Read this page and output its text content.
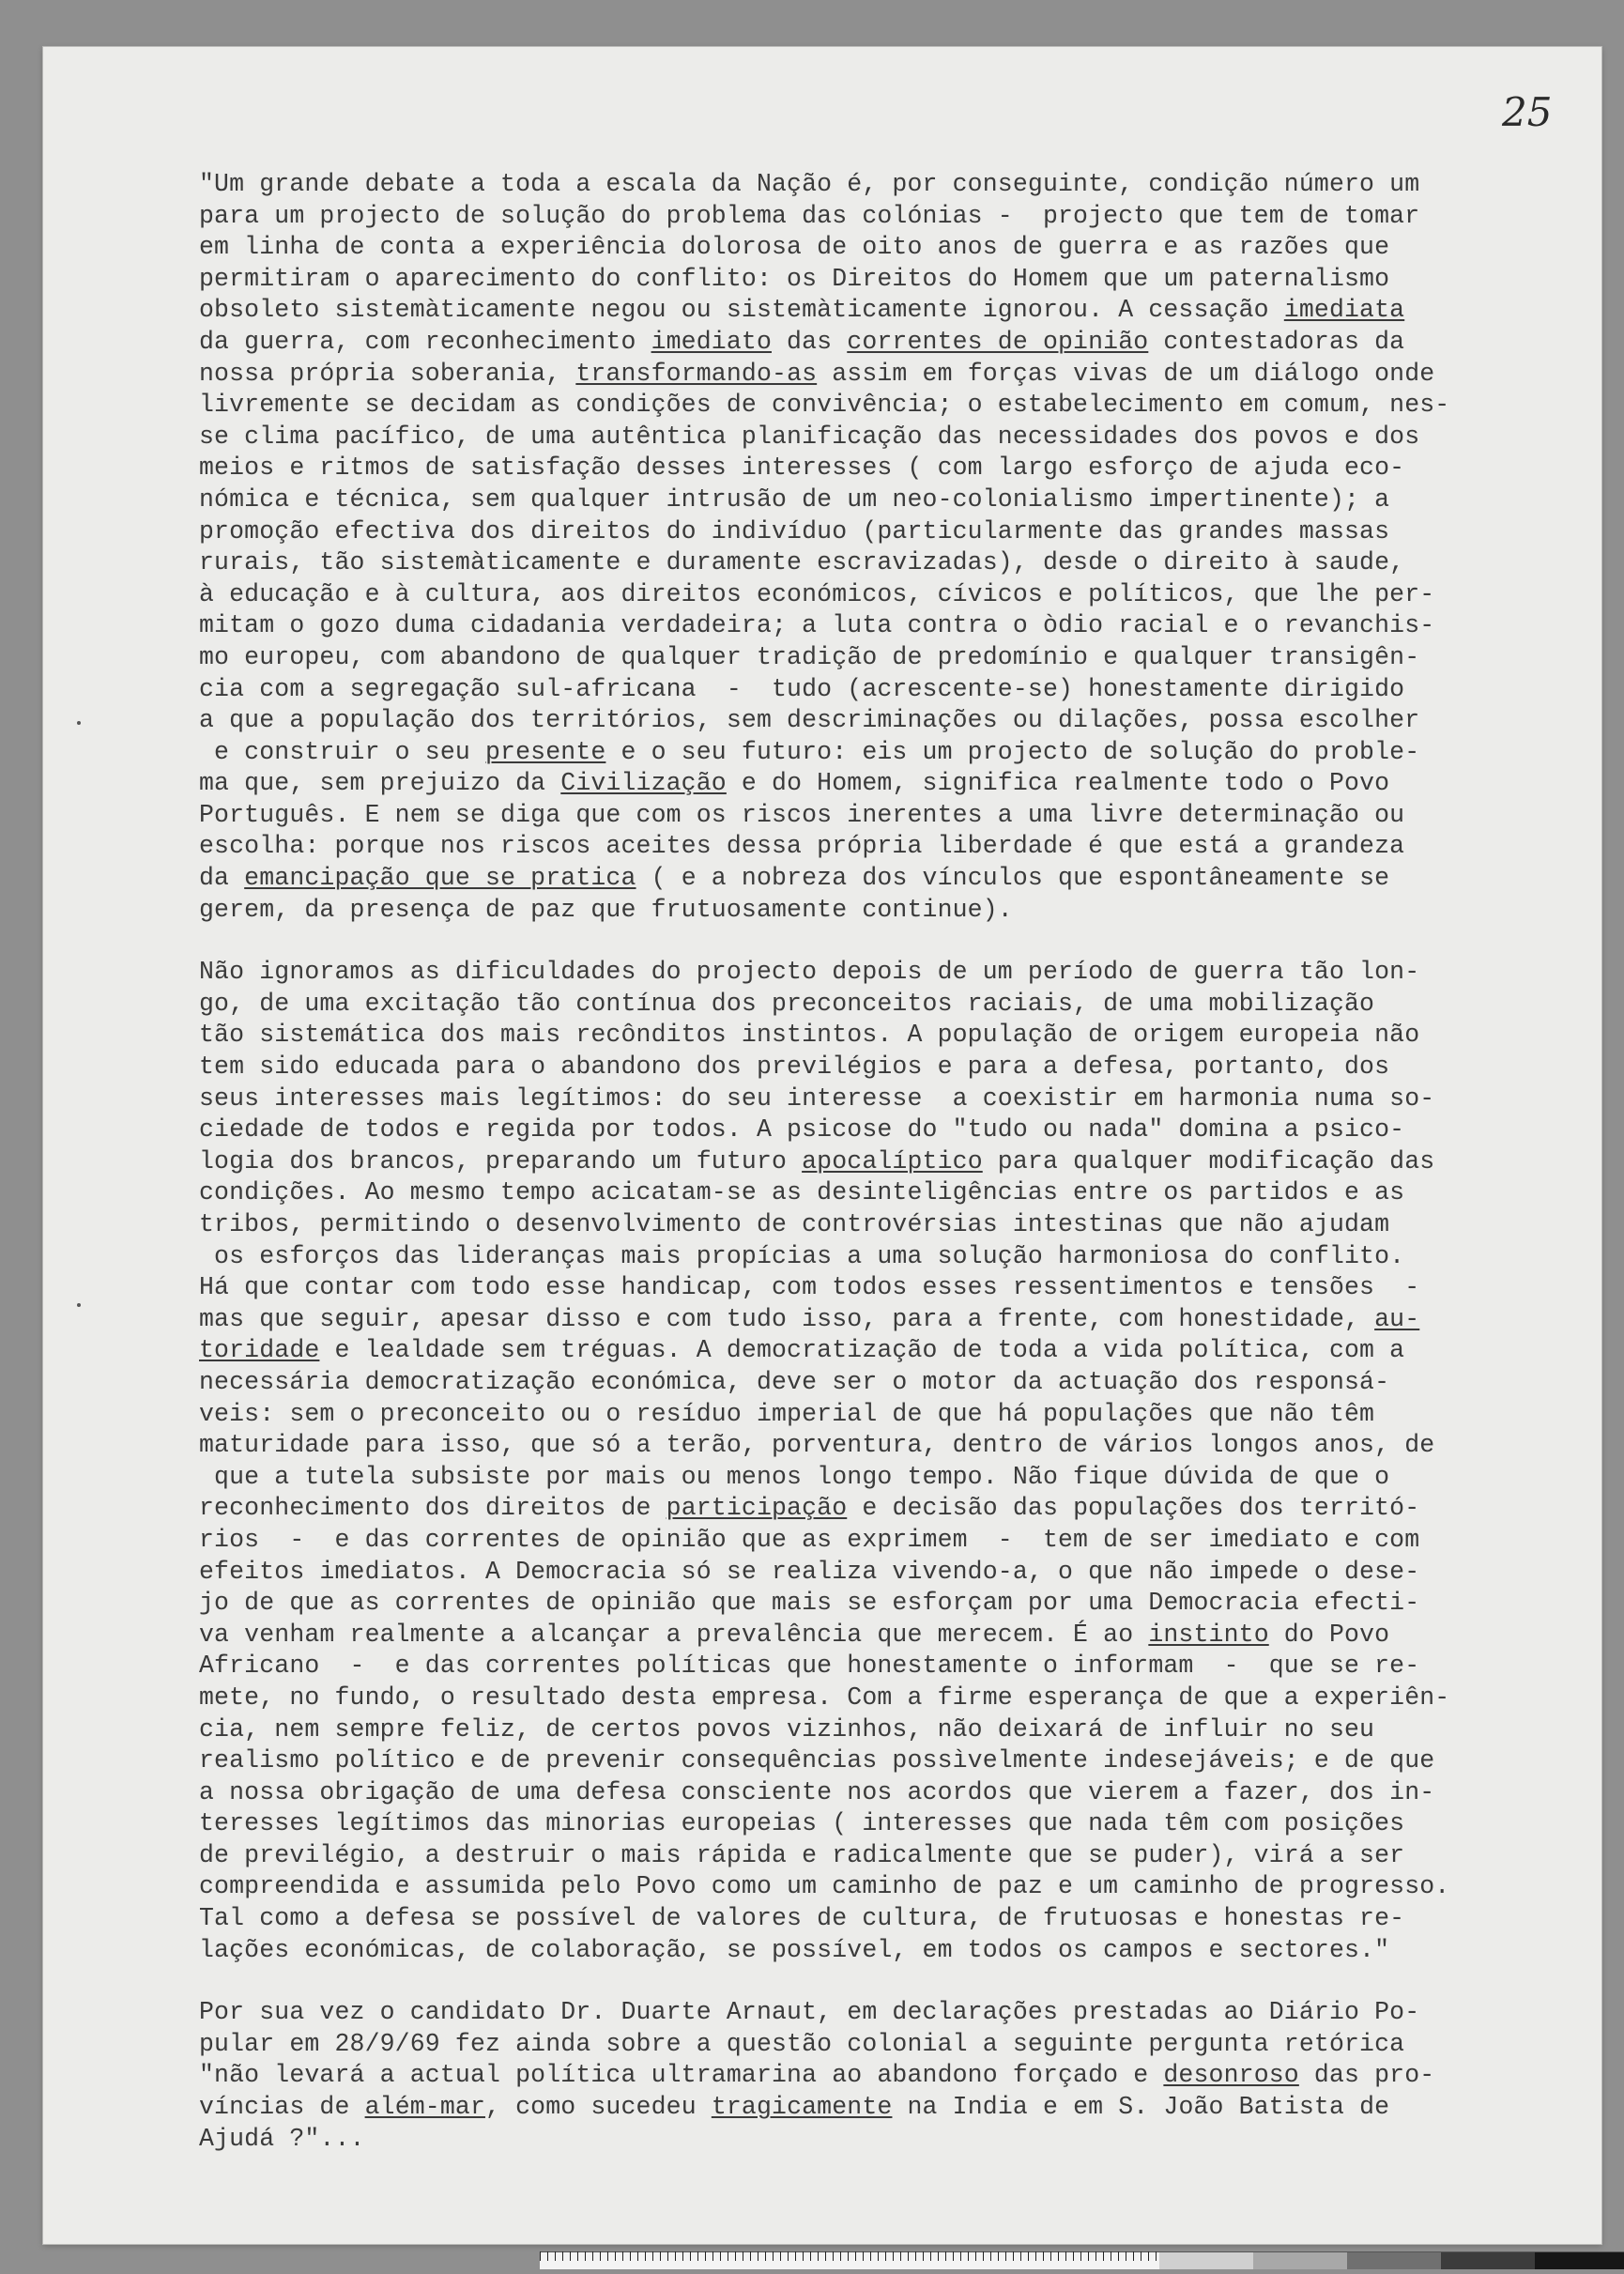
25
"Um grande debate a toda a escala da Nação é, por conseguinte, condição número um
para um projecto de solução do problema das colónias -  projecto que tem de tomar
em linha de conta a experiência dolorosa de oito anos de guerra e as razões que
permitiram o aparecimento do conflito: os Direitos do Homem que um paternalismo
obsoleto sistemàticamente negou ou sistemàticamente ignorou. A cessação imediata
da guerra, com reconhecimento imediato das correntes de opinião contestadoras da
nossa própria soberania, transformando-as assim em forças vivas de um diálogo onde
livremente se decidam as condições de convivência; o estabelecimento em comum, nes-
se clima pacífico, de uma autêntica planificação das necessidades dos povos e dos
meios e ritmos de satisfação desses interesses ( com largo esforço de ajuda eco-
nómica e técnica, sem qualquer intrusão de um neo-colonialismo impertinente); a
promoção efectiva dos direitos do indivíduo (particularmente das grandes massas
rurais, tão sistemàticamente e duramente escravizadas), desde o direito à saude,
à educação e à cultura, aos direitos económicos, cívicos e políticos, que lhe per-
mitam o gozo duma cidadania verdadeira; a luta contra o òdio racial e o revanchis-
mo europeu, com abandono de qualquer tradição de predomínio e qualquer transigên-
cia com a segregação sul-africana  -  tudo (acrescente-se) honestamente dirigido
a que a população dos territórios, sem descriminações ou dilações, possa escolher
e construir o seu presente e o seu futuro: eis um projecto de solução do proble-
ma que, sem prejuizo da Civilização e do Homem, significa realmente todo o Povo
Português. E nem se diga que com os riscos inerentes a uma livre determinação ou
escolha: porque nos riscos aceites dessa própria liberdade é que está a grandeza
da emancipação que se pratica ( e a nobreza dos vínculos que espontâneamente se
gerem, da presença de paz que frutuosamente continue).
Não ignoramos as dificuldades do projecto depois de um período de guerra tão lon-
go, de uma excitação tão contínua dos preconceitos raciais, de uma mobilização
tão sistemática dos mais recônditos instintos. A população de origem europeia não
tem sido educada para o abandono dos previlégios e para a defesa, portanto, dos
seus interesses mais legítimos: do seu interesse  a coexistir em harmonia numa so-
ciedade de todos e regida por todos. A psicose do "tudo ou nada" domina a psico-
logia dos brancos, preparando um futuro apocalíptico para qualquer modificação das
condições. Ao mesmo tempo acicatam-se as desinteligências entre os partidos e as
tribos, permitindo o desenvolvimento de controvérsias intestinas que não ajudam
os esforços das lideranças mais propícias a uma solução harmoniosa do conflito.
Há que contar com todo esse handicap, com todos esses ressentimentos e tensões  -
mas que seguir, apesar disso e com tudo isso, para a frente, com honestidade, au-
toridade e lealdade sem tréguas. A democratização de toda a vida política, com a
necessária democratização económica, deve ser o motor da actuação dos responsá-
veis: sem o preconceito ou o resíduo imperial de que há populações que não têm
maturidade para isso, que só a terão, porventura, dentro de vários longos anos, de
que a tutela subsiste por mais ou menos longo tempo. Não fique dúvida de que o
reconhecimento dos direitos de participação e decisão das populações dos territó-
rios  -  e das correntes de opinião que as exprimem  -  tem de ser imediato e com
efeitos imediatos. A Democracia só se realiza vivendo-a, o que não impede o dese-
jo de que as correntes de opinião que mais se esforçam por uma Democracia efecti-
va venham realmente a alcançar a prevalência que merecem. É ao instinto do Povo
Africano  -  e das correntes políticas que honestamente o informam  -  que se re-
mete, no fundo, o resultado desta empresa. Com a firme esperança de que a experiên-
cia, nem sempre feliz, de certos povos vizinhos, não deixará de influir no seu
realismo político e de prevenir consequências possìvelmente indesejáveis; e de que
a nossa obrigação de uma defesa consciente nos acordos que vierem a fazer, dos in-
teresses legítimos das minorias europeias ( interesses que nada têm com posições
de previlégio, a destruir o mais rápida e radicalmente que se puder), virá a ser
compreendida e assumida pelo Povo como um caminho de paz e um caminho de progresso.
Tal como a defesa se possível de valores de cultura, de frutuosas e honestas re-
lações económicas, de colaboração, se possível, em todos os campos e sectores."
Por sua vez o candidato Dr. Duarte Arnaut, em declarações prestadas ao Diário Po-
pular em 28/9/69 fez ainda sobre a questão colonial a seguinte pergunta retórica
"não levará a actual política ultramarina ao abandono forçado e desonroso das pro-
víncias de além-mar, como sucedeu tragicamente na India e em S. João Batista de
Ajudá ?"...
